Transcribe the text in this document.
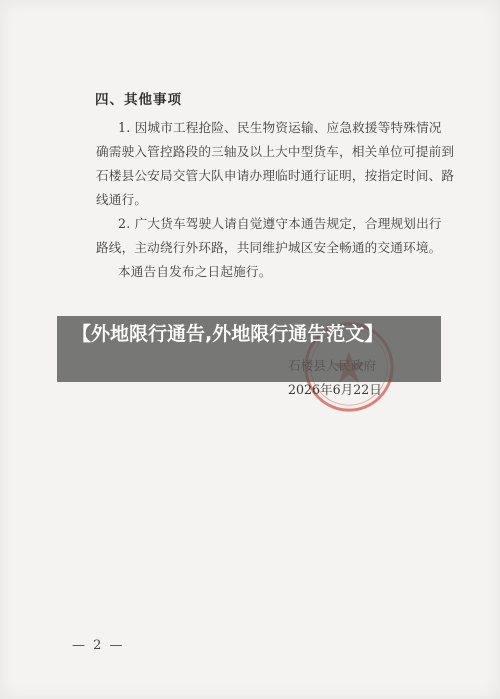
四、其他事项
1. 因城市工程抢险、民生物资运输、应急救援等特殊情况
确需驶入管控路段的三轴及以上大中型货车，相关单位可提前到
石楼县公安局交管大队申请办理临时通行证明，按指定时间、路
线通行。
2. 广大货车驾驶人请自觉遵守本通告规定，合理规划出行
路线，主动绕行外环路，共同维护城区安全畅通的交通环境。
本通告自发布之日起施行。
2026年6月22日
【外地限行通告,外地限行通告范文】
— 2 —
